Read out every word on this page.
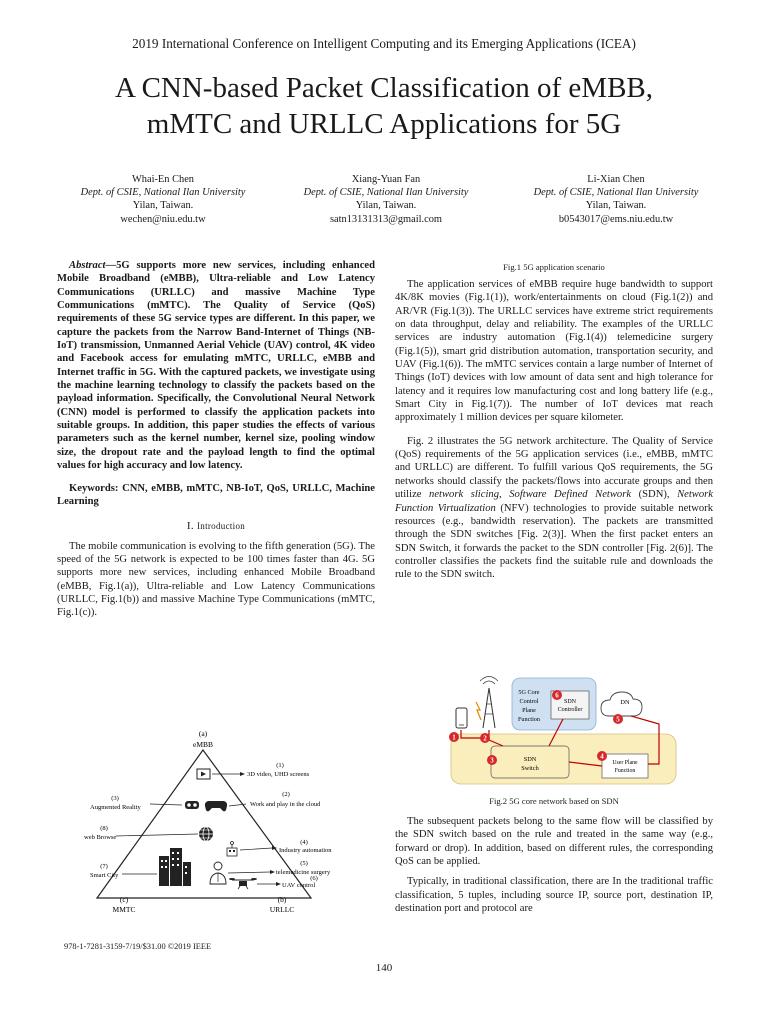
2019 International Conference on Intelligent Computing and its Emerging Applications (ICEA)
A CNN-based Packet Classification of eMBB,
mMTC and URLLC Applications for 5G
Whai-En Chen
Dept. of CSIE, National Ilan University
Yilan, Taiwan.
wechen@niu.edu.tw
Xiang-Yuan Fan
Dept. of CSIE, National Ilan University
Yilan, Taiwan.
satn13131313@gmail.com
Li-Xian Chen
Dept. of CSIE, National Ilan University
Yilan, Taiwan.
b0543017@ems.niu.edu.tw

Abstract—5G supports more new services, including enhanced Mobile Broadband (eMBB), Ultra-reliable and Low Latency Communications (URLLC) and massive Machine Type Communications (mMTC). The Quality of Service (QoS) requirements of these 5G service types are different. In this paper, we capture the packets from the Narrow Band-Internet of Things (NB-IoT) transmission, Unmanned Aerial Vehicle (UAV) control, 4K video and Facebook access for emulating mMTC, URLLC, eMBB and Internet traffic in 5G. With the captured packets, we investigate using the machine learning technology to classify the packets based on the payload information. Specifically, the Convolutional Neural Network (CNN) model is performed to classify the application packets into suitable groups. In addition, this paper studies the effects of various parameters such as the kernel number, kernel size, pooling window size, the dropout rate and the payload length to find the optimal values for high accuracy and low latency.

Keywords: CNN, eMBB, mMTC, NB-IoT, QoS, URLLC, Machine Learning

I. Introduction

The mobile communication is evolving to the fifth generation (5G). The speed of the 5G network is expected to be 100 times faster than 4G. 5G supports more new services, including enhanced Mobile Broadband (eMBB, Fig.1(a)), Ultra-reliable and Low Latency Communications (URLLC, Fig.1(b)) and massive Machine Type Communications (mMTC, Fig.1(c)).

(a)
eMBB
(c)
MMTC
(b)
URLLC
(1)
3D video, UHD screens
(2)
Work and play in the cloud
(3)
Augmented Reality
(8)
web Browse
(4)
Industry automation
(7)
Smart City
(5)
telemedicine surgery
(6)
UAV control
Fig.1 5G application scenario

The application services of eMBB require huge bandwidth to support 4K/8K movies (Fig.1(1)), work/entertainments on cloud (Fig.1(2)) and AR/VR (Fig.1(3)). The URLLC services have extreme strict requirements on data throughput, delay and reliability. The examples of the URLLC services are industry automation (Fig.1(4)) telemedicine surgery (Fig.1(5)), smart grid distribution automation, transportation security, and UAV (Fig.1(6)). The mMTC services contain a large number of Internet of Things (IoT) devices with low amount of data sent and high tolerance for latency and it requires low manufacturing cost and long battery life (e.g., Smart City in Fig.1(7)). The number of IoT devices mat reach approximately 1 million devices per square kilometer.

Fig. 2 illustrates the 5G network architecture. The Quality of Service (QoS) requirements of the 5G application services (i.e., eMBB, mMTC and URLLC) are different. To fulfill various QoS requirements, the 5G networks should classify the packets/flows into accurate groups and then utilize network slicing, Software Defined Network (SDN), Network Function Virtualization (NFV) technologies to provide suitable network resources (e.g., bandwidth reservation). The packets are transmitted through the SDN switches [Fig. 2(3)]. When the first packet enters an SDN Switch, it forwards the packet to the SDN controller [Fig. 2(6)]. The controller classifies the packets find the suitable rule and downloads the rule to the SDN switch.

5G Core
Control
Plane
Function
SDN
Controller
DN
SDN
Switch
User Plane
Function
1	2
3	4
5
6
Fig.2 5G core network based on SDN

The subsequent packets belong to the same flow will be classified by the SDN switch based on the rule and treated in the same way (e.g., forward or drop). In addition, based on different rules, the corresponding QoS can be applied.

Typically, in traditional classification, there are In the traditional traffic classification, 5 tuples, including source IP, source port, destination IP, destination port and protocol are

978-1-7281-3159-7/19/$31.00 ©2019 IEEE
140
